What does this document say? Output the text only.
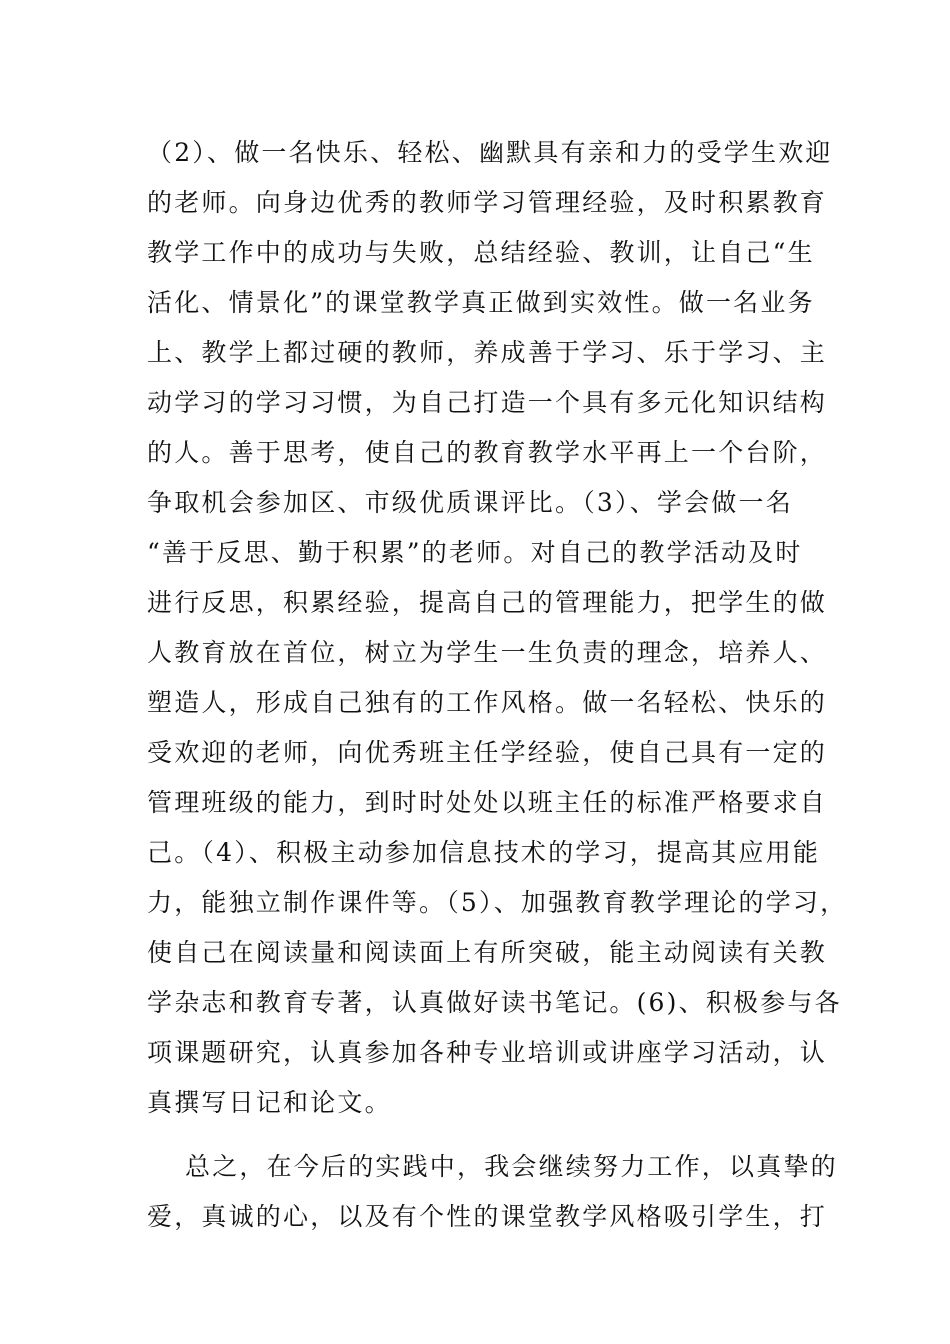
（2）、做一名快乐、轻松、幽默具有亲和力的受学生欢迎
的老师。向身边优秀的教师学习管理经验，及时积累教育
教学工作中的成功与失败，总结经验、教训，让自己“生
活化、情景化”的课堂教学真正做到实效性。做一名业务
上、教学上都过硬的教师，养成善于学习、乐于学习、主
动学习的学习习惯，为自己打造一个具有多元化知识结构
的人。善于思考，使自己的教育教学水平再上一个台阶，
争取机会参加区、市级优质课评比。（3）、学会做一名
“善于反思、勤于积累”的老师。对自己的教学活动及时
进行反思，积累经验，提高自己的管理能力，把学生的做
人教育放在首位，树立为学生一生负责的理念，培养人、
塑造人，形成自己独有的工作风格。做一名轻松、快乐的
受欢迎的老师，向优秀班主任学经验，使自己具有一定的
管理班级的能力，到时时处处以班主任的标准严格要求自
己。（4）、积极主动参加信息技术的学习，提高其应用能
力，能独立制作课件等。（5）、加强教育教学理论的学习，
使自己在阅读量和阅读面上有所突破，能主动阅读有关教
学杂志和教育专著，认真做好读书笔记。(6)、积极参与各
项课题研究，认真参加各种专业培训或讲座学习活动，认
真撰写日记和论文。
总之，在今后的实践中，我会继续努力工作，以真挚的
爱，真诚的心，以及有个性的课堂教学风格吸引学生，打
